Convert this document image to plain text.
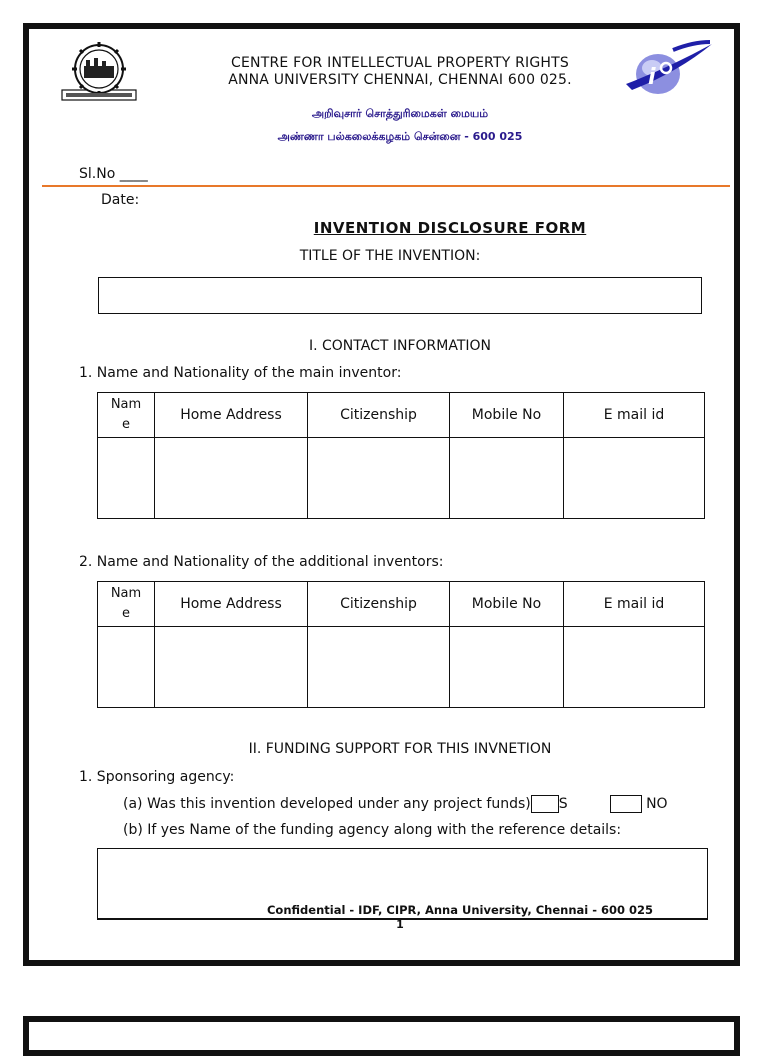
i
CENTRE FOR INTELLECTUAL PROPERTY RIGHTS
ANNA UNIVERSITY CHENNAI, CHENNAI 600 025.
அறிவுசார் சொத்துரிமைகள் மையம்
அண்ணா பல்கலைக்கழகம் சென்னை - 600 025
Sl.No ____
Date:
INVENTION DISCLOSURE FORM
TITLE OF THE INVENTION:
I. CONTACT INFORMATION
1. Name and Nationality of the main inventor:
Nam
e	Home Address	Citizenship	Mobile No	E mail id

2. Name and Nationality of the additional inventors:
Nam
e	Home Address	Citizenship	Mobile No	E mail id

II. FUNDING SUPPORT FOR THIS INVNETION
1. Sponsoring agency:
(a) Was this invention developed under any project funds) S	NO
(b) If yes Name of the funding agency along with the reference details:
Confidential - IDF, CIPR, Anna University, Chennai - 600 025
1
